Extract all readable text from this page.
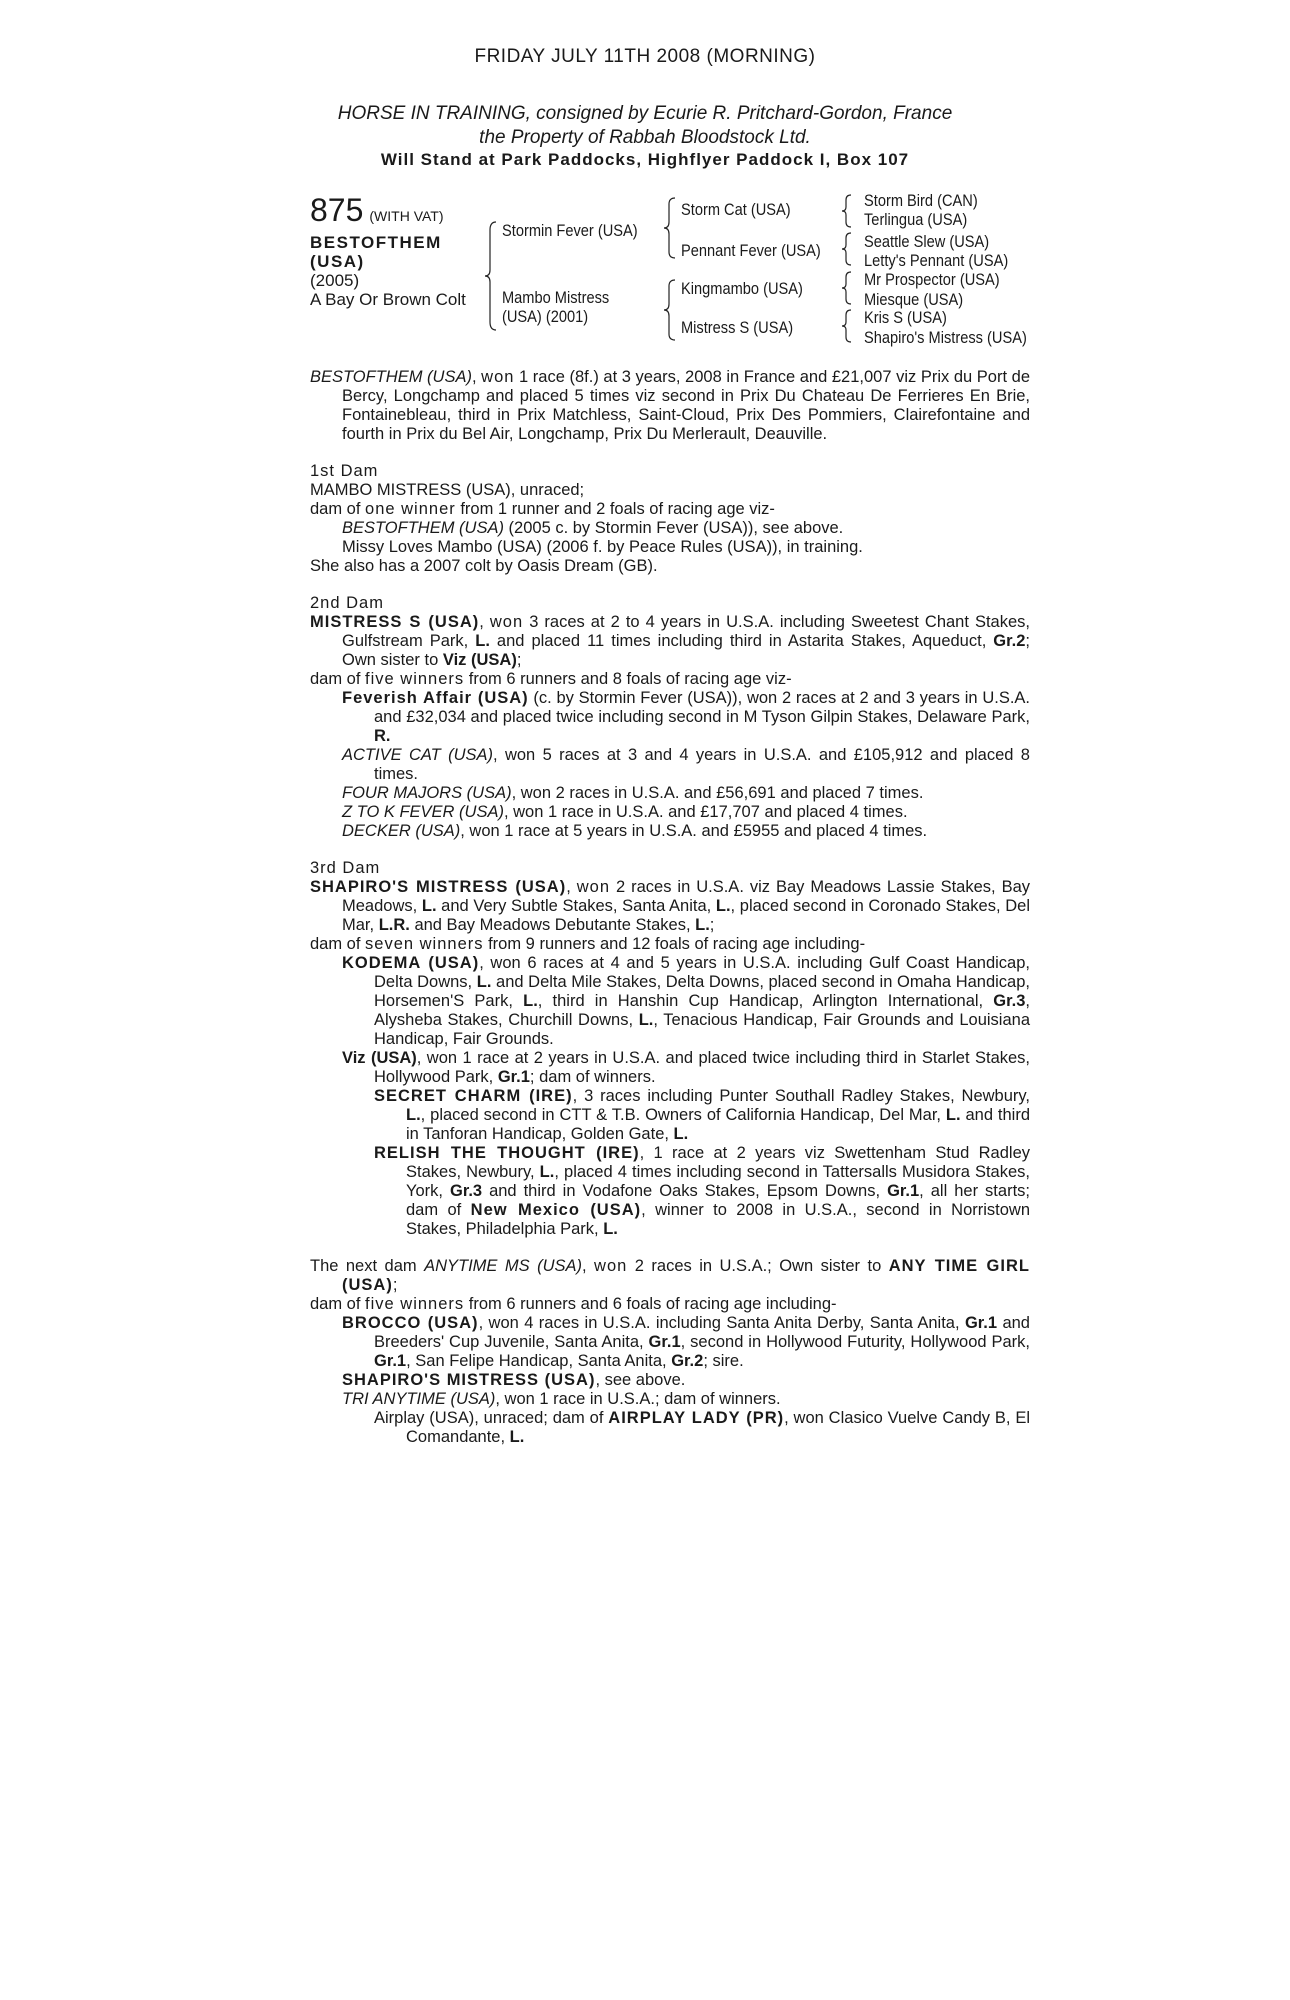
FRIDAY JULY 11TH 2008 (MORNING)
HORSE IN TRAINING, consigned by Ecurie R. Pritchard-Gordon, France
the Property of Rabbah Bloodstock Ltd.
Will Stand at Park Paddocks, Highflyer Paddock I, Box 107
875 (WITH VAT)
BESTOFTHEM
(USA)
(2005)
A Bay Or Brown Colt
Stormin Fever (USA)
Mambo Mistress
(USA) (2001)
Storm Cat (USA)
Pennant Fever (USA)
Kingmambo (USA)
Mistress S (USA)
Storm Bird (CAN)
Terlingua (USA)
Seattle Slew (USA)
Letty's Pennant (USA)
Mr Prospector (USA)
Miesque (USA)
Kris S (USA)
Shapiro's Mistress (USA)

BESTOFTHEM (USA), won 1 race (8f.) at 3 years, 2008 in France and £21,007 viz Prix du Port de Bercy, Longchamp and placed 5 times viz second in Prix Du Chateau De Ferrieres En Brie, Fontainebleau, third in Prix Matchless, Saint-Cloud, Prix Des Pommiers, Clairefontaine and fourth in Prix du Bel Air, Longchamp, Prix Du Merlerault, Deauville.

1st Dam

MAMBO MISTRESS (USA), unraced;

dam of one winner from 1 runner and 2 foals of racing age viz-

BESTOFTHEM (USA) (2005 c. by Stormin Fever (USA)), see above.

Missy Loves Mambo (USA) (2006 f. by Peace Rules (USA)), in training.

She also has a 2007 colt by Oasis Dream (GB).

2nd Dam

MISTRESS S (USA), won 3 races at 2 to 4 years in U.S.A. including Sweetest Chant Stakes, Gulfstream Park, L. and placed 11 times including third in Astarita Stakes, Aqueduct, Gr.2; Own sister to Viz (USA);

dam of five winners from 6 runners and 8 foals of racing age viz-

Feverish Affair (USA) (c. by Stormin Fever (USA)), won 2 races at 2 and 3 years in U.S.A. and £32,034 and placed twice including second in M Tyson Gilpin Stakes, Delaware Park, R.

ACTIVE CAT (USA), won 5 races at 3 and 4 years in U.S.A. and £105,912 and placed 8 times.

FOUR MAJORS (USA), won 2 races in U.S.A. and £56,691 and placed 7 times.

Z TO K FEVER (USA), won 1 race in U.S.A. and £17,707 and placed 4 times.

DECKER (USA), won 1 race at 5 years in U.S.A. and £5955 and placed 4 times.

3rd Dam

SHAPIRO'S MISTRESS (USA), won 2 races in U.S.A. viz Bay Meadows Lassie Stakes, Bay Meadows, L. and Very Subtle Stakes, Santa Anita, L., placed second in Coronado Stakes, Del Mar, L.R. and Bay Meadows Debutante Stakes, L.;

dam of seven winners from 9 runners and 12 foals of racing age including-

KODEMA (USA), won 6 races at 4 and 5 years in U.S.A. including Gulf Coast Handicap, Delta Downs, L. and Delta Mile Stakes, Delta Downs, placed second in Omaha Handicap, Horsemen'S Park, L., third in Hanshin Cup Handicap, Arlington International, Gr.3, Alysheba Stakes, Churchill Downs, L., Tenacious Handicap, Fair Grounds and Louisiana Handicap, Fair Grounds.

Viz (USA), won 1 race at 2 years in U.S.A. and placed twice including third in Starlet Stakes, Hollywood Park, Gr.1; dam of winners.

SECRET CHARM (IRE), 3 races including Punter Southall Radley Stakes, Newbury, L., placed second in CTT & T.B. Owners of California Handicap, Del Mar, L. and third in Tanforan Handicap, Golden Gate, L.

RELISH THE THOUGHT (IRE), 1 race at 2 years viz Swettenham Stud Radley Stakes, Newbury, L., placed 4 times including second in Tattersalls Musidora Stakes, York, Gr.3 and third in Vodafone Oaks Stakes, Epsom Downs, Gr.1, all her starts; dam of New Mexico (USA), winner to 2008 in U.S.A., second in Norristown Stakes, Philadelphia Park, L.

The next dam ANYTIME MS (USA), won 2 races in U.S.A.; Own sister to ANY TIME GIRL (USA);

dam of five winners from 6 runners and 6 foals of racing age including-

BROCCO (USA), won 4 races in U.S.A. including Santa Anita Derby, Santa Anita, Gr.1 and Breeders' Cup Juvenile, Santa Anita, Gr.1, second in Hollywood Futurity, Hollywood Park, Gr.1, San Felipe Handicap, Santa Anita, Gr.2; sire.

SHAPIRO'S MISTRESS (USA), see above.

TRI ANYTIME (USA), won 1 race in U.S.A.; dam of winners.

Airplay (USA), unraced; dam of AIRPLAY LADY (PR), won Clasico Vuelve Candy B, El Comandante, L.
